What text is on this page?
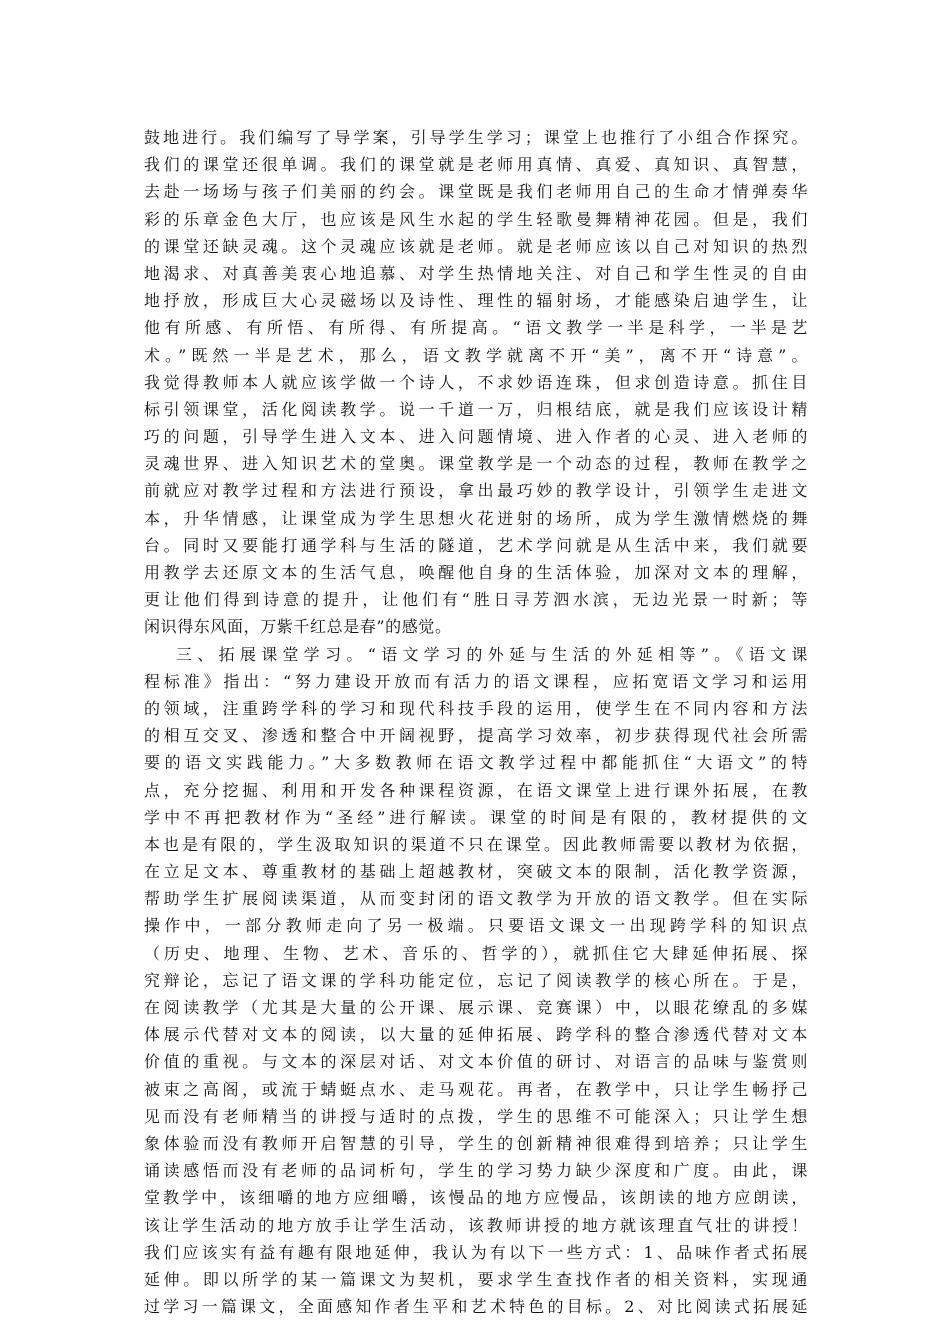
鼓地进行。我们编写了导学案，引导学生学习；课堂上也推行了小组合作探究。
我们的课堂还很单调。我们的课堂就是老师用真情、真爱、真知识、真智慧，
去赴一场场与孩子们美丽的约会。课堂既是我们老师用自己的生命才情弹奏华
彩的乐章金色大厅，也应该是风生水起的学生轻歌曼舞精神花园。但是，我们
的课堂还缺灵魂。这个灵魂应该就是老师。就是老师应该以自己对知识的热烈
地渴求、对真善美衷心地追慕、对学生热情地关注、对自己和学生性灵的自由
地抒放，形成巨大心灵磁场以及诗性、理性的辐射场，才能感染启迪学生，让
他有所感、有所悟、有所得、有所提高。“语文教学一半是科学，一半是艺
术。”既然一半是艺术，那么，语文教学就离不开“美”，离不开“诗意”。
我觉得教师本人就应该学做一个诗人，不求妙语连珠，但求创造诗意。抓住目
标引领课堂，活化阅读教学。说一千道一万，归根结底，就是我们应该设计精
巧的问题，引导学生进入文本、进入问题情境、进入作者的心灵、进入老师的
灵魂世界、进入知识艺术的堂奥。课堂教学是一个动态的过程，教师在教学之
前就应对教学过程和方法进行预设，拿出最巧妙的教学设计，引领学生走进文
本，升华情感，让课堂成为学生思想火花迸射的场所，成为学生激情燃烧的舞
台。同时又要能打通学科与生活的隧道，艺术学问就是从生活中来，我们就要
用教学去还原文本的生活气息，唤醒他自身的生活体验，加深对文本的理解，
更让他们得到诗意的提升，让他们有“胜日寻芳泗水滨，无边光景一时新；等
闲识得东风面，万紫千红总是春”的感觉。
三、拓展课堂学习。“语文学习的外延与生活的外延相等”。《语文课
程标准》指出：“努力建设开放而有活力的语文课程，应拓宽语文学习和运用
的领域，注重跨学科的学习和现代科技手段的运用，使学生在不同内容和方法
的相互交叉、渗透和整合中开阔视野，提高学习效率，初步获得现代社会所需
要的语文实践能力。”大多数教师在语文教学过程中都能抓住“大语文”的特
点，充分挖掘、利用和开发各种课程资源，在语文课堂上进行课外拓展，在教
学中不再把教材作为“圣经”进行解读。课堂的时间是有限的，教材提供的文
本也是有限的，学生汲取知识的渠道不只在课堂。因此教师需要以教材为依据，
在立足文本、尊重教材的基础上超越教材，突破文本的限制，活化教学资源，
帮助学生扩展阅读渠道，从而变封闭的语文教学为开放的语文教学。但在实际
操作中，一部分教师走向了另一极端。只要语文课文一出现跨学科的知识点
（历史、地理、生物、艺术、音乐的、哲学的），就抓住它大肆延伸拓展、探
究辩论，忘记了语文课的学科功能定位，忘记了阅读教学的核心所在。于是，
在阅读教学（尤其是大量的公开课、展示课、竞赛课）中，以眼花缭乱的多媒
体展示代替对文本的阅读，以大量的延伸拓展、跨学科的整合渗透代替对文本
价值的重视。与文本的深层对话、对文本价值的研讨、对语言的品味与鉴赏则
被束之高阁，或流于蜻蜓点水、走马观花。再者，在教学中，只让学生畅抒己
见而没有老师精当的讲授与适时的点拨，学生的思维不可能深入；只让学生想
象体验而没有教师开启智慧的引导，学生的创新精神很难得到培养；只让学生
诵读感悟而没有老师的品词析句，学生的学习势力缺少深度和广度。由此，课
堂教学中，该细嚼的地方应细嚼，该慢品的地方应慢品，该朗读的地方应朗读，
该让学生活动的地方放手让学生活动，该教师讲授的地方就该理直气壮的讲授！
我们应该实有益有趣有限地延伸，我认为有以下一些方式：1、品味作者式拓展
延伸。即以所学的某一篇课文为契机，要求学生查找作者的相关资料，实现通
过学习一篇课文，全面感知作者生平和艺术特色的目标。2、对比阅读式拓展延
